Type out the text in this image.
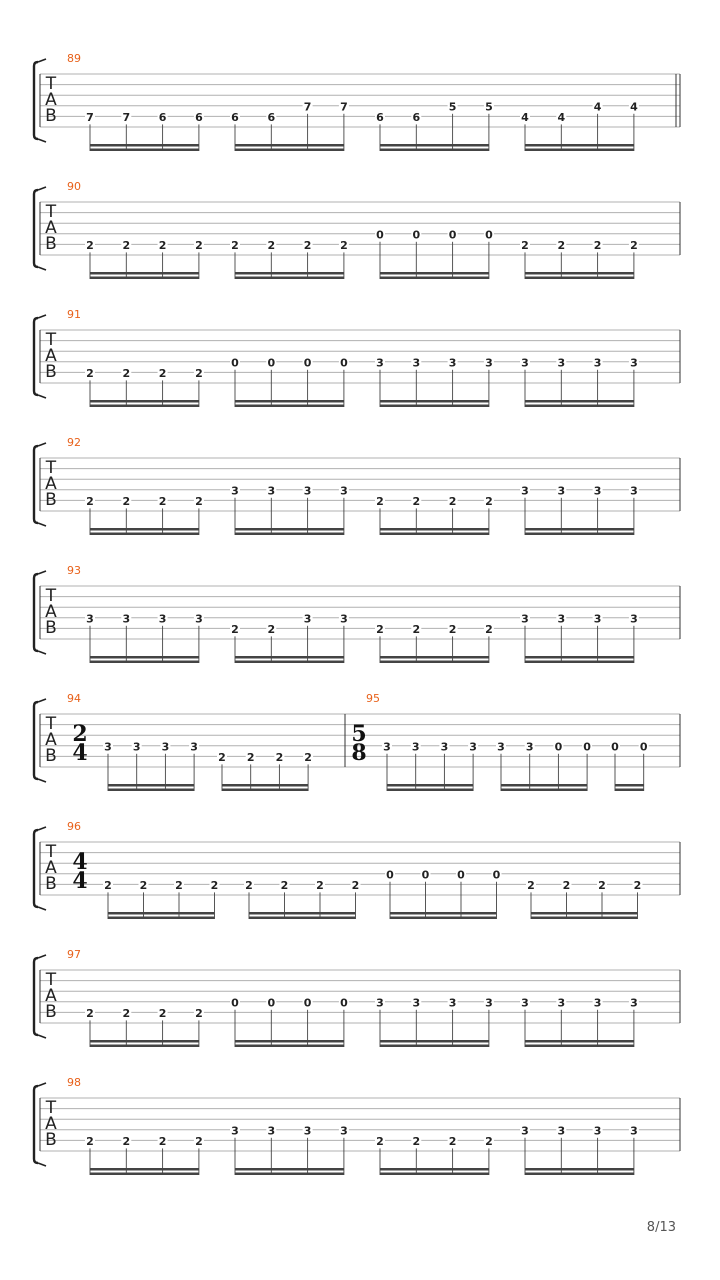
T
A
B
89
7	7	6	6	6	6
7	7
6	6
5	5
4	4
4	4
T
A
B
90
2	2	2	2	2	2	2	2
0	0	0	0
2	2	2	2
T
A
B
91
2	2	2	2
0	0	0	0	3	3	3	3	3	3	3	3
T
A
B
92
2	2	2	2
3	3	3	3
2	2	2	2
3	3	3	3
T
A
B
93
3	3	3	3
2	2
3	3
2	2	2	2
3	3	3	3
T
A
B
94
2
4 3 3 3 3
2 2 2 2
95
5
8 3 3 3 3 3 3 0 0 0 0
T
A
B
96
4
4 2	2	2	2 2	2	2	2
0	0	0	0
2	2	2	2
T
A
B
97
2	2	2	2
0	0	0	0	3	3	3	3	3	3	3	3
T
A
B
98
2	2	2	2
3	3	3	3
2	2	2	2
3	3	3	3
8/13
